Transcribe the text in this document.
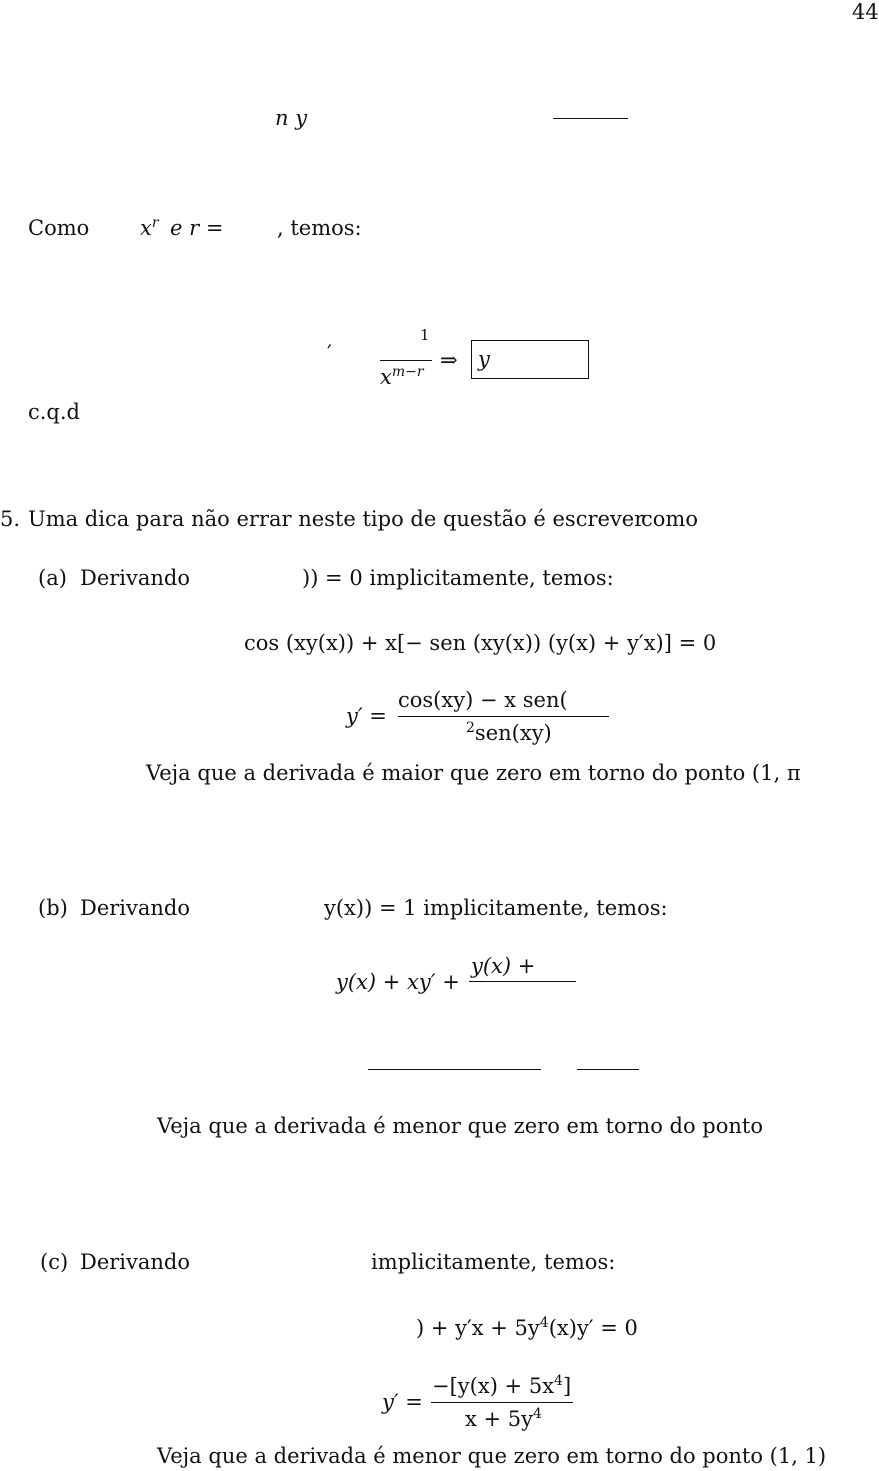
44
n y
Como $x^r$ e r =	, temos:
′
1
$x^{m-r}$ ⇒ y
c.q.d
5. Uma dica para não errar neste tipo de questão é escrever
como
(a) Derivando	)) = 0 implicitamente, temos:
cos (xy(x)) + x[− sen (xy(x)) (y(x) + y′x)] = 0
y′ =
cos(xy) − x sen(
$^2$sen(xy)
Veja que a derivada é maior que zero em torno do ponto (1, π
(b) Derivando	y(x)) = 1 implicitamente, temos:
y(x) + xy′ +
y(x) +
Veja que a derivada é menor que zero em torno do ponto
(c) Derivando	implicitamente, temos:
) + $y'x + 5y^4(x)y' = 0$
y′ =
$-[y(x) + 5x^4]$
$x + 5y^4$
Veja que a derivada é menor que zero em torno do ponto (1, 1)
